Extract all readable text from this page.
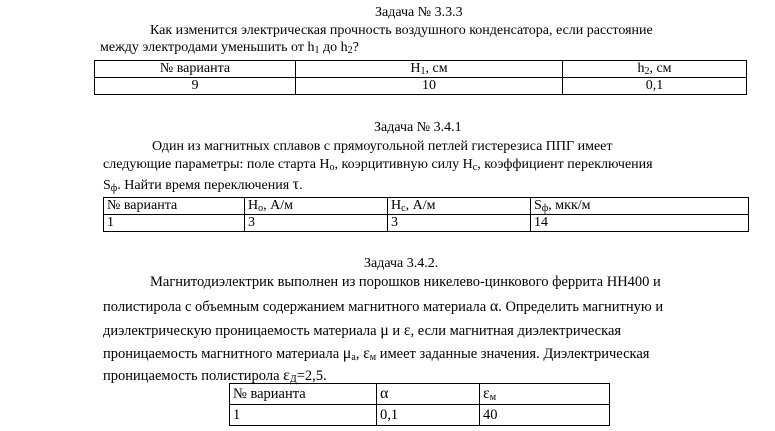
Задача № 3.3.3
Как изменится электрическая прочность воздушного конденсатора, если расстояние
между электродами уменьшить от $h_1$ до $h_2$?
№ варианта	$H_1$, см	$h_2$, см
9	10	0,1
Задача № 3.4.1
Один из магнитных сплавов с прямоугольной петлей гистерезиса ППГ имеет
следующие параметры: поле старта $H_o$, коэрцитивную силу $H_c$, коэффициент переключения
$S_ф$. Найти время переключения τ.
№ варианта	$H_o$, А/м	$H_c$, А/м	$S_ф$, мкк/м
1	3	3	14
Задача 3.4.2.
Магнитодиэлектрик выполнен из порошков никелево-цинкового феррита НН400 и
полистирола с объемным содержанием магнитного материала α. Определить магнитную и
диэлектрическую проницаемость материала μ и ε, если магнитная диэлектрическая
проницаемость магнитного материала $\mu_а$, $\varepsilon_м$ имеет заданные значения. Диэлектрическая
проницаемость полистирола $\varepsilon_Д=2,5$.
№ варианта	α	$\varepsilon_м$
1	0,1	40
